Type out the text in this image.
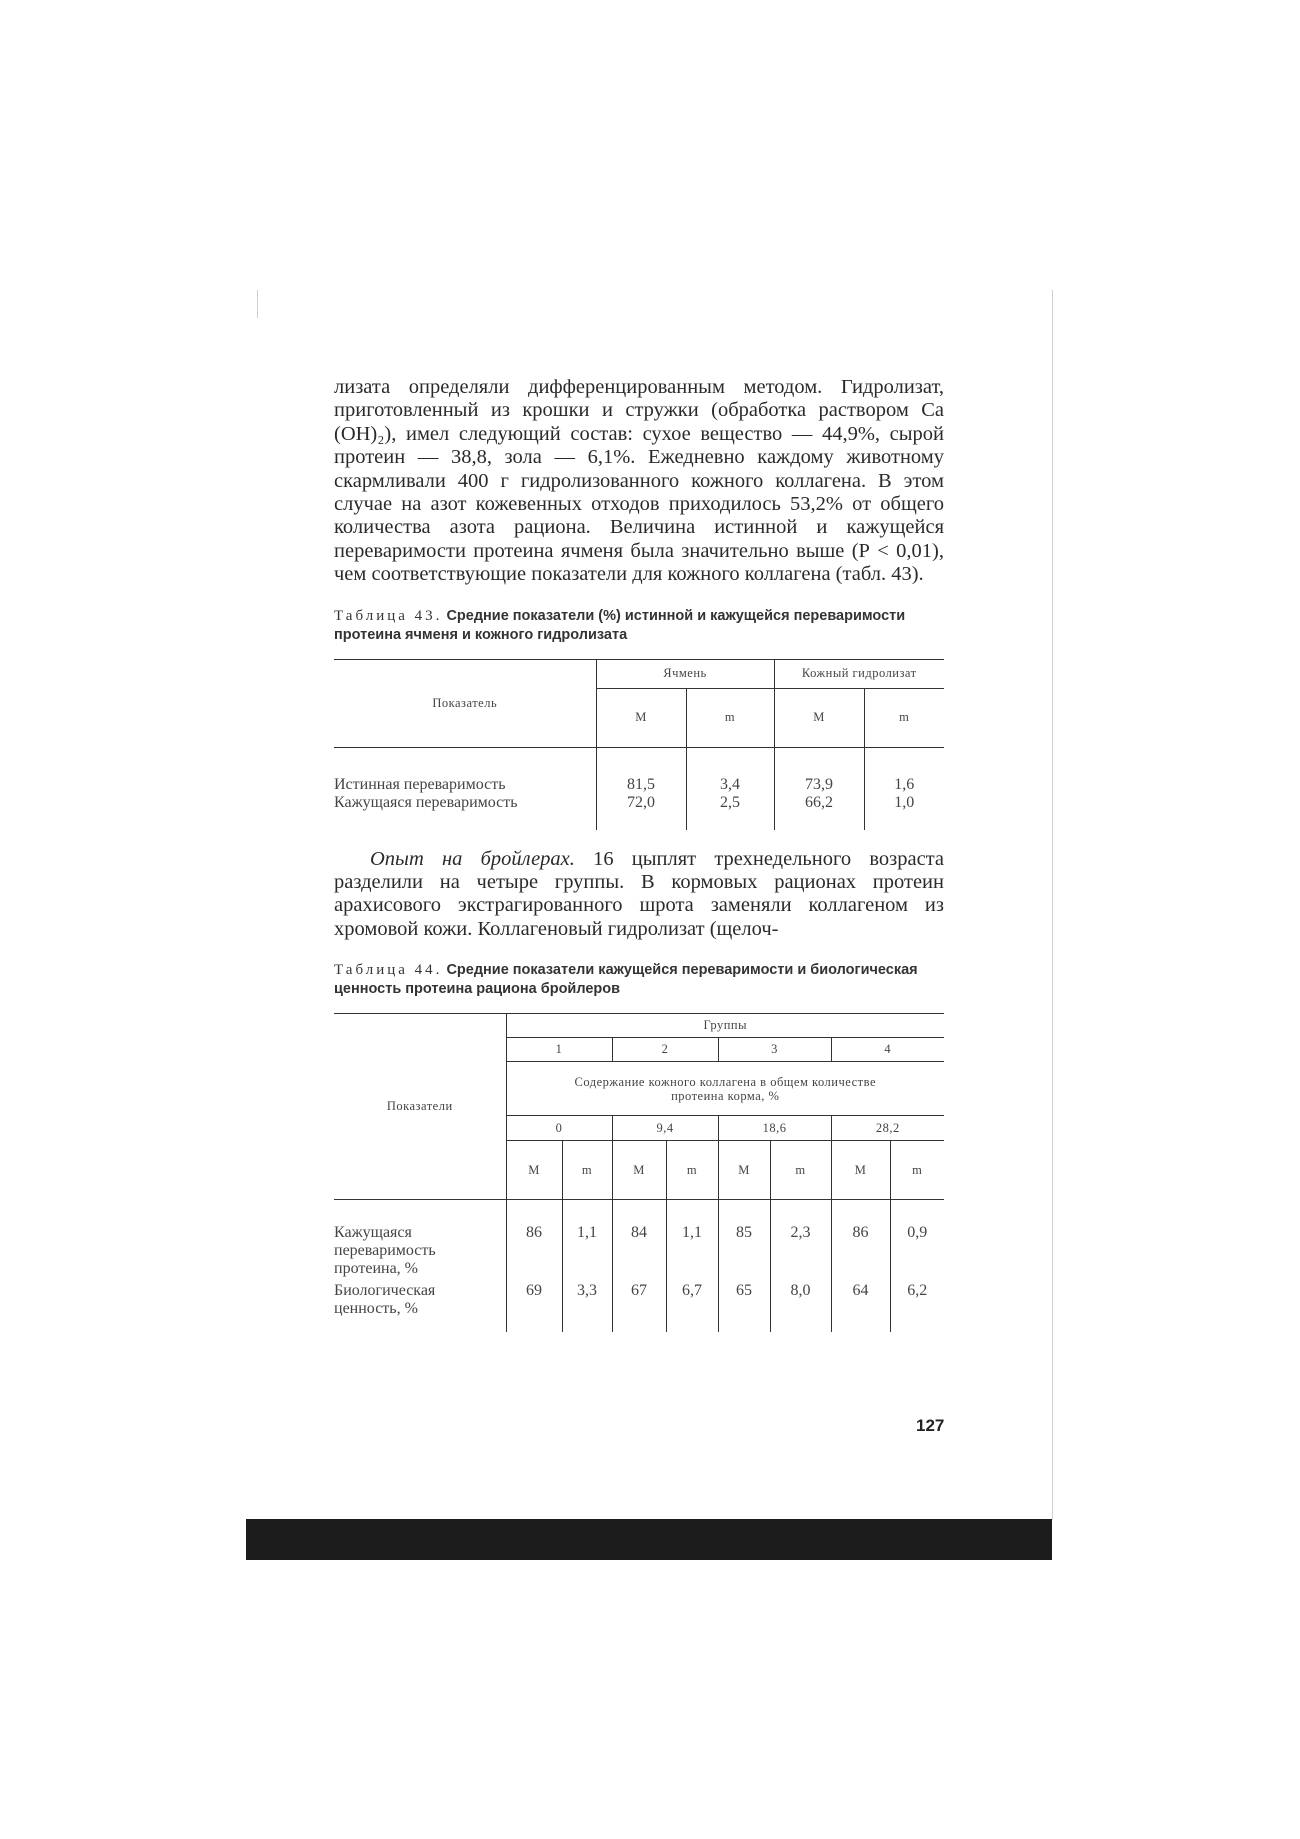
лизата определяли дифференцированным методом. Гидролизат, приготовленный из крошки и стружки (обработка раствором Са (ОН)₂), имел следующий состав: сухое вещество — 44,9%, сырой протеин — 38,8, зола — 6,1%. Ежедневно каждому животному скармливали 400 г гидролизованного кожного коллагена. В этом случае на азот кожевенных отходов приходилось 53,2% от общего количества азота рациона. Величина истинной и кажущейся переваримости протеина ячменя была значительно выше (Р < 0,01), чем соответствующие показатели для кожного коллагена (табл. 43).

Таблица 43. Средние показатели (%) истинной и кажущейся переваримости протеина ячменя и кожного гидролизата

Показатель	Ячмень		Кожный гидролизат	
	M	m	M	m
Истинная переваримость	81,5	3,4	73,9	1,6
Кажущаяся переваримость	72,0	2,5	66,2	1,0

Опыт на бройлерах. 16 цыплят трехнедельного возраста разделили на четыре группы. В кормовых рационах протеин арахисового экстрагированного шрота заменяли коллагеном из хромовой кожи. Коллагеновый гидролизат (щелоч-

Таблица 44. Средние показатели кажущейся переваримости и биологическая ценность протеина рациона бройлеров

Показатели	Группы							
	1		2		3		4	
	Содержание кожного коллагена в общем количестве протеина корма, %							
	0		9,4		18,6		28,2	
	M	m	M	m	M	m	M	m
Кажущаяся переваримость протеина, %	86	1,1	84	1,1	85	2,3	86	0,9
Биологическая ценность, %	69	3,3	67	6,7	65	8,0	64	6,2
127
